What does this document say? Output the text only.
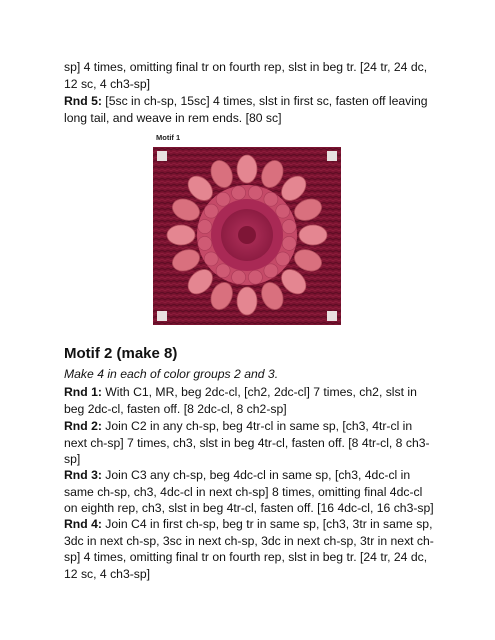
sp] 4 times, omitting final tr on fourth rep, slst in beg tr. [24 tr, 24 dc, 12 sc, 4 ch3-sp]

Rnd 5: [5sc in ch-sp, 15sc] 4 times, slst in first sc, fasten off leaving long tail, and weave in rem ends. [80 sc]

Motif 1
Motif 2 (make 8)
Make 4 in each of color groups 2 and 3.

Rnd 1: With C1, MR, beg 2dc-cl, [ch2, 2dc-cl] 7 times, ch2, slst in beg 2dc-cl, fasten off. [8 2dc-cl, 8 ch2-sp]

Rnd 2: Join C2 in any ch-sp, beg 4tr-cl in same sp, [ch3, 4tr-cl in next ch-sp] 7 times, ch3, slst in beg 4tr-cl, fasten off. [8 4tr-cl, 8 ch3-sp]

Rnd 3: Join C3 any ch-sp, beg 4dc-cl in same sp, [ch3, 4dc-cl in same ch-sp, ch3, 4dc-cl in next ch-sp] 8 times, omitting final 4dc-cl on eighth rep, ch3, slst in beg 4tr-cl, fasten off. [16 4dc-cl, 16 ch3-sp]

Rnd 4: Join C4 in first ch-sp, beg tr in same sp, [ch3, 3tr in same sp, 3dc in next ch-sp, 3sc in next ch-sp, 3dc in next ch-sp, 3tr in next ch-sp] 4 times, omitting final tr on fourth rep, slst in beg tr. [24 tr, 24 dc, 12 sc, 4 ch3-sp]
